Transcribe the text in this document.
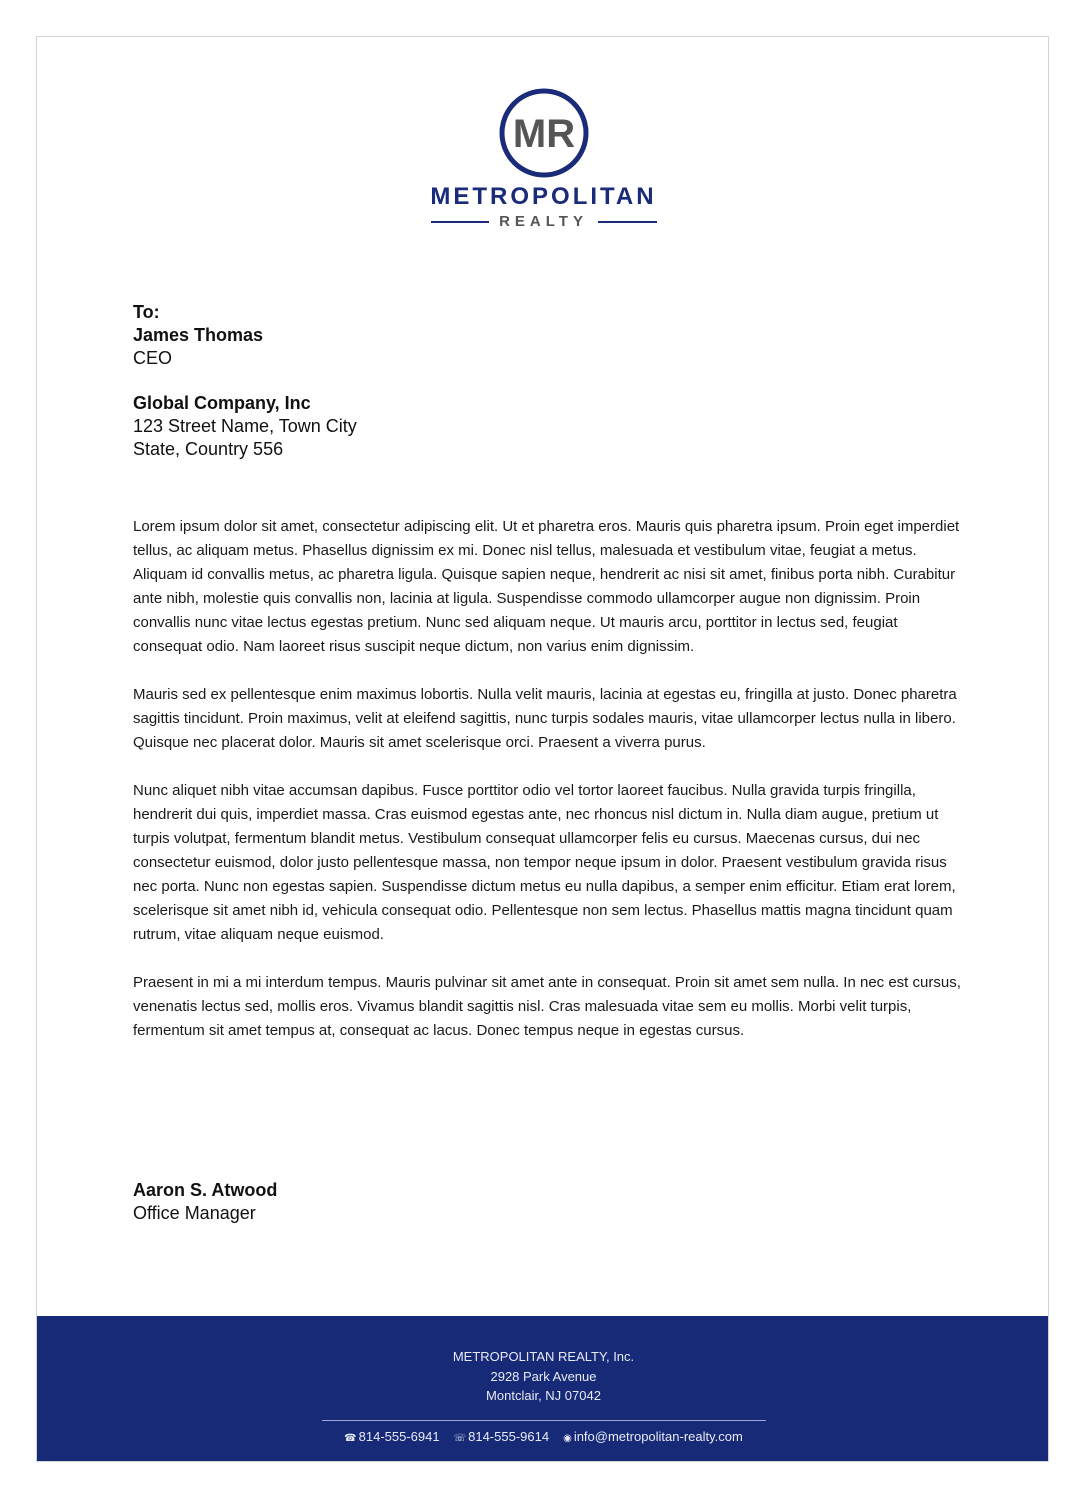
MR
METROPOLITAN
REALTY
To:
James Thomas
CEO
Global Company, Inc
123 Street Name, Town City
State, Country 556

Lorem ipsum dolor sit amet, consectetur adipiscing elit. Ut et pharetra eros. Mauris quis pharetra ipsum. Proin eget imperdiet tellus, ac aliquam metus. Phasellus dignissim ex mi. Donec nisl tellus, malesuada et vestibulum vitae, feugiat a metus. Aliquam id convallis metus, ac pharetra ligula. Quisque sapien neque, hendrerit ac nisi sit amet, finibus porta nibh. Curabitur ante nibh, molestie quis convallis non, lacinia at ligula. Suspendisse commodo ullamcorper augue non dignissim. Proin convallis nunc vitae lectus egestas pretium. Nunc sed aliquam neque. Ut mauris arcu, porttitor in lectus sed, feugiat consequat odio. Nam laoreet risus suscipit neque dictum, non varius enim dignissim.

Mauris sed ex pellentesque enim maximus lobortis. Nulla velit mauris, lacinia at egestas eu, fringilla at justo. Donec pharetra sagittis tincidunt. Proin maximus, velit at eleifend sagittis, nunc turpis sodales mauris, vitae ullamcorper lectus nulla in libero. Quisque nec placerat dolor. Mauris sit amet scelerisque orci. Praesent a viverra purus.

Nunc aliquet nibh vitae accumsan dapibus. Fusce porttitor odio vel tortor laoreet faucibus. Nulla gravida turpis fringilla, hendrerit dui quis, imperdiet massa. Cras euismod egestas ante, nec rhoncus nisl dictum in. Nulla diam augue, pretium ut turpis volutpat, fermentum blandit metus. Vestibulum consequat ullamcorper felis eu cursus. Maecenas cursus, dui nec consectetur euismod, dolor justo pellentesque massa, non tempor neque ipsum in dolor. Praesent vestibulum gravida risus nec porta. Nunc non egestas sapien. Suspendisse dictum metus eu nulla dapibus, a semper enim efficitur. Etiam erat lorem, scelerisque sit amet nibh id, vehicula consequat odio. Pellentesque non sem lectus. Phasellus mattis magna tincidunt quam rutrum, vitae aliquam neque euismod.

Praesent in mi a mi interdum tempus. Mauris pulvinar sit amet ante in consequat. Proin sit amet sem nulla. In nec est cursus, venenatis lectus sed, mollis eros. Vivamus blandit sagittis nisl. Cras malesuada vitae sem eu mollis. Morbi velit turpis, fermentum sit amet tempus at, consequat ac lacus. Donec tempus neque in egestas cursus.

Aaron S. Atwood
Office Manager
METROPOLITAN REALTY, Inc.
2928 Park Avenue
Montclair, NJ 07042
☎ 814-555-6941 ☏ 814-555-9614 ◉ info@metropolitan-realty.com
